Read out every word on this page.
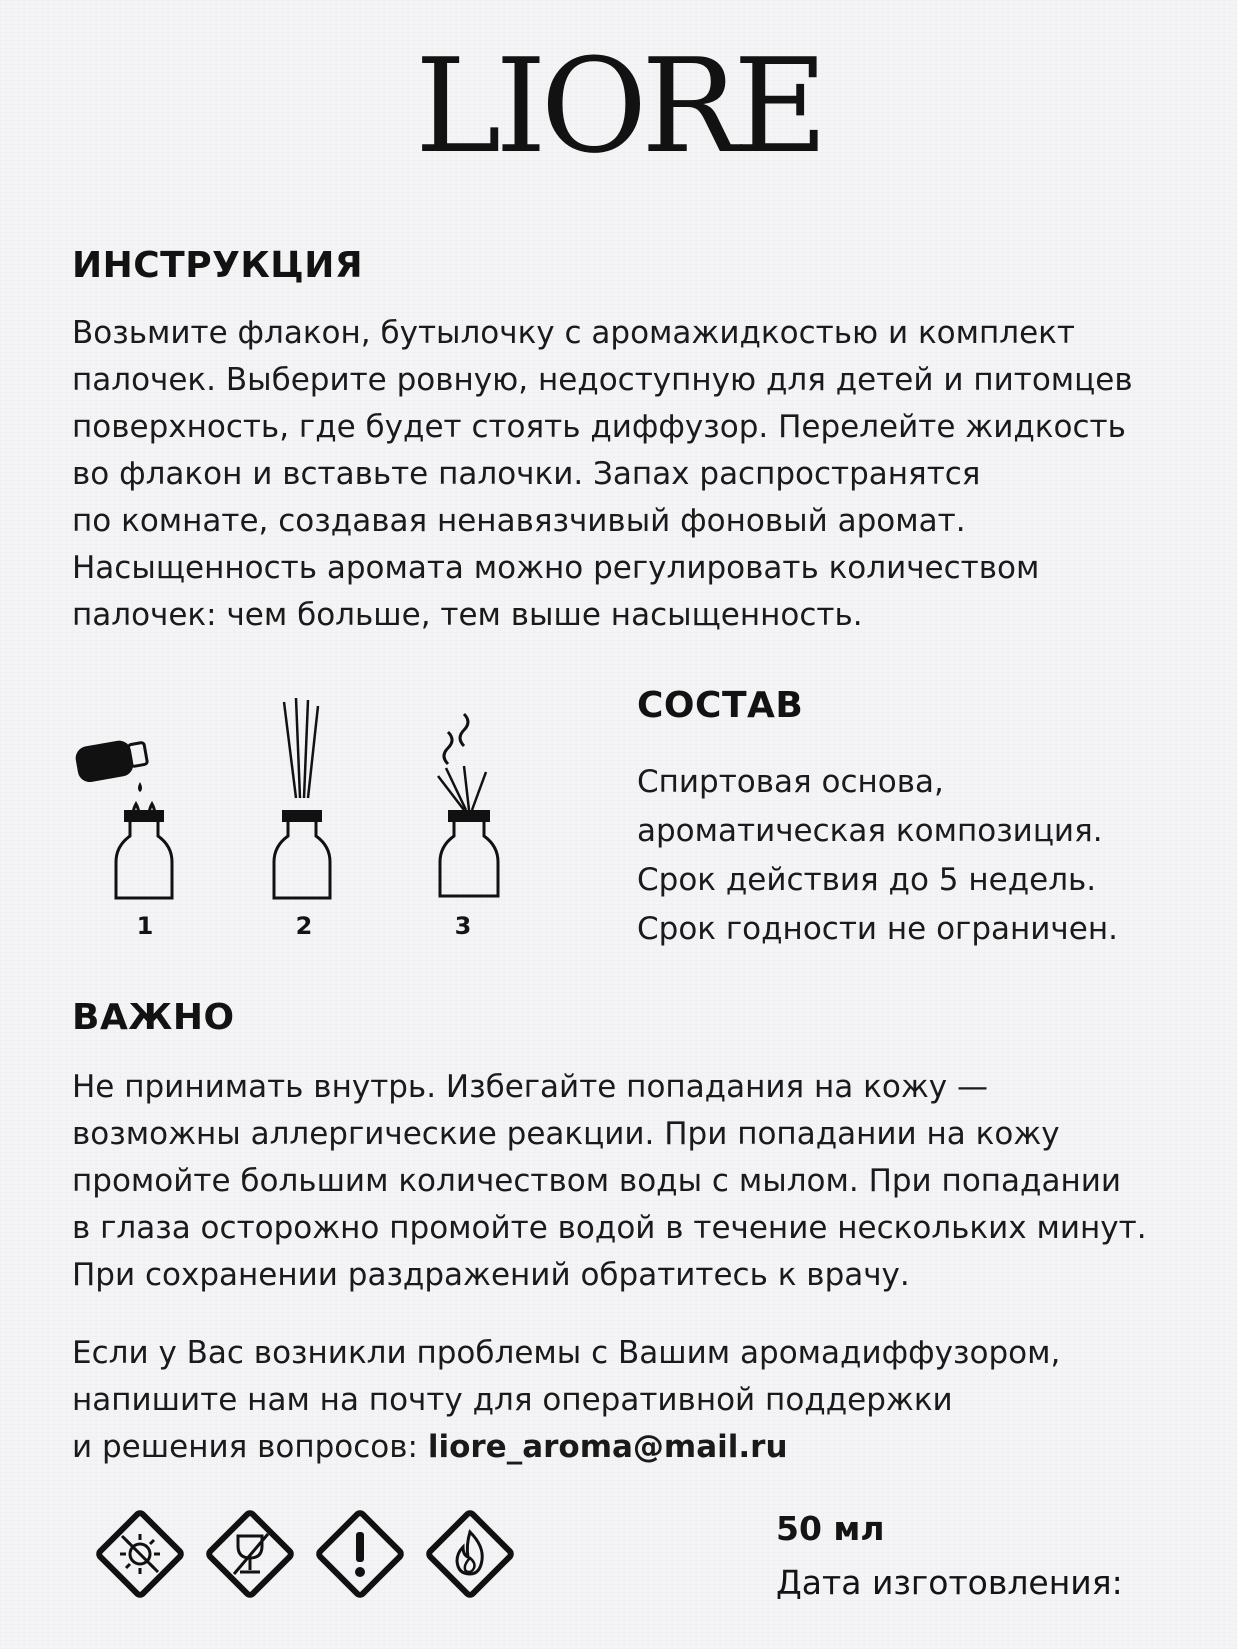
LIORE
ИНСТРУКЦИЯ
Возьмите флакон, бутылочку с аромажидкостью и комплект
палочек. Выберите ровную, недоступную для детей и питомцев
поверхность, где будет стоять диффузор. Перелейте жидкость
во флакон и вставьте палочки. Запах распространятся
по комнате, создавая ненавязчивый фоновый аромат.
Насыщенность аромата можно регулировать количеством
палочек: чем больше, тем выше насыщенность.
1	2	3
СОСТАВ
Спиртовая основа,
ароматическая композиция.
Срок действия до 5 недель.
Срок годности не ограничен.
ВАЖНО
Не принимать внутрь. Избегайте попадания на кожу —
возможны аллергические реакции. При попадании на кожу
промойте большим количеством воды с мылом. При попадании
в глаза осторожно промойте водой в течение нескольких минут.
При сохранении раздражений обратитесь к врачу.
Если у Вас возникли проблемы с Вашим аромадиффузором,
напишите нам на почту для оперативной поддержки
и решения вопросов: liore_aroma@mail.ru
50 мл
Дата изготовления:
